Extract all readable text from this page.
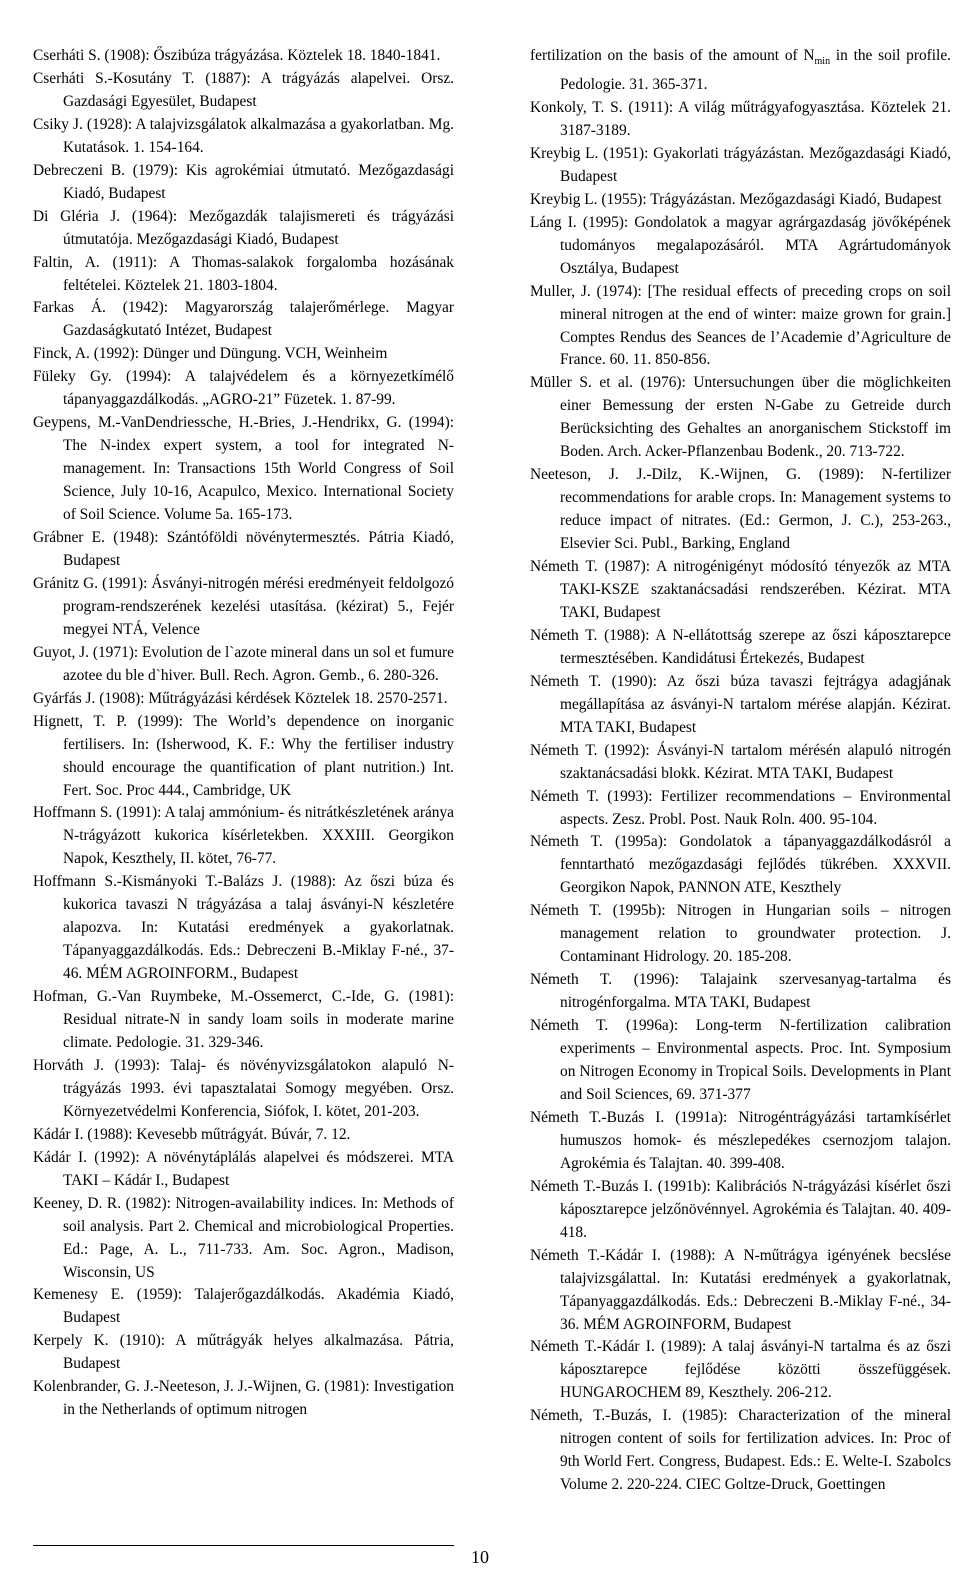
Cserháti S. (1908): Őszibúza trágyázása. Köztelek 18. 1840-1841.

Cserháti S.-Kosutány T. (1887): A trágyázás alapelvei. Orsz. Gazdasági Egyesület, Budapest

Csiky J. (1928): A talajvizsgálatok alkalmazása a gyakorlatban. Mg. Kutatások. 1. 154-164.

Debreczeni B. (1979): Kis agrokémiai útmutató. Mezőgazdasági Kiadó, Budapest

Di Gléria J. (1964): Mezőgazdák talajismereti és trágyázási útmutatója. Mezőgazdasági Kiadó, Budapest

Faltin, A. (1911): A Thomas-salakok forgalomba hozásának feltételei. Köztelek 21. 1803-1804.

Farkas Á. (1942): Magyarország talajerőmérlege. Magyar Gazdaságkutató Intézet, Budapest

Finck, A. (1992): Dünger und Düngung. VCH, Weinheim

Füleky Gy. (1994): A talajvédelem és a környezetkímélő tápanyaggazdálkodás. „AGRO-21” Füzetek. 1. 87-99.

Geypens, M.-VanDendriessche, H.-Bries, J.-Hendrikx, G. (1994): The N-index expert system, a tool for integrated N-management. In: Transactions 15th World Congress of Soil Science, July 10-16, Acapulco, Mexico. International Society of Soil Science. Volume 5a. 165-173.

Grábner E. (1948): Szántóföldi növénytermesztés. Pátria Kiadó, Budapest

Gránitz G. (1991): Ásványi-nitrogén mérési eredményeit feldolgozó program-rendszerének kezelési utasítása. (kézirat) 5., Fejér megyei NTÁ, Velence

Guyot, J. (1971): Evolution de l`azote mineral dans un sol et fumure azotee du ble d`hiver. Bull. Rech. Agron. Gemb., 6. 280-326.

Gyárfás J. (1908): Műtrágyázási kérdések Köztelek 18. 2570-2571.

Hignett, T. P. (1999): The World’s dependence on inorganic fertilisers. In: (Isherwood, K. F.: Why the fertiliser industry should encourage the quantification of plant nutrition.) Int. Fert. Soc. Proc 444., Cambridge, UK

Hoffmann S. (1991): A talaj ammónium- és nitrátkészletének aránya N-trágyázott kukorica kísérletekben. XXXIII. Georgikon Napok, Keszthely, II. kötet, 76-77.

Hoffmann S.-Kismányoki T.-Balázs J. (1988): Az őszi búza és kukorica tavaszi N trágyázása a talaj ásványi-N készletére alapozva. In: Kutatási eredmények a gyakorlatnak. Tápanyaggazdálkodás. Eds.: Debreczeni B.-Miklay F-né., 37-46. MÉM AGROINFORM., Budapest

Hofman, G.-Van Ruymbeke, M.-Ossemerct, C.-Ide, G. (1981): Residual nitrate-N in sandy loam soils in moderate marine climate. Pedologie. 31. 329-346.

Horváth J. (1993): Talaj- és növényvizsgálatokon alapuló N-trágyázás 1993. évi tapasztalatai Somogy megyében. Orsz. Környezetvédelmi Konferencia, Siófok, I. kötet, 201-203.

Kádár I. (1988): Kevesebb műtrágyát. Búvár, 7. 12.

Kádár I. (1992): A növénytáplálás alapelvei és módszerei. MTA TAKI – Kádár I., Budapest

Keeney, D. R. (1982): Nitrogen-availability indices. In: Methods of soil analysis. Part 2. Chemical and microbiological Properties. Ed.: Page, A. L., 711-733. Am. Soc. Agron., Madison, Wisconsin, US

Kemenesy E. (1959): Talajerőgazdálkodás. Akadémia Kiadó, Budapest

Kerpely K. (1910): A műtrágyák helyes alkalmazása. Pátria, Budapest

Kolenbrander, G. J.-Neeteson, J. J.-Wijnen, G. (1981): Investigation in the Netherlands of optimum nitrogen

fertilization on the basis of the amount of $N_{min}$ in the soil profile. Pedologie. 31. 365-371.

Konkoly, T. S. (1911): A világ műtrágyafogyasztása. Köztelek 21. 3187-3189.

Kreybig L. (1951): Gyakorlati trágyázástan. Mezőgazdasági Kiadó, Budapest

Kreybig L. (1955): Trágyázástan. Mezőgazdasági Kiadó, Budapest

Láng I. (1995): Gondolatok a magyar agrárgazdaság jövőképének tudományos megalapozásáról. MTA Agrártudományok Osztálya, Budapest

Muller, J. (1974): [The residual effects of preceding crops on soil mineral nitrogen at the end of winter: maize grown for grain.] Comptes Rendus des Seances de l’Academie d’Agriculture de France. 60. 11. 850-856.

Müller S. et al. (1976): Untersuchungen über die möglichkeiten einer Bemessung der ersten N-Gabe zu Getreide durch Berücksichting des Gehaltes an anorganischem Stickstoff im Boden. Arch. Acker-Pflanzenbau Bodenk., 20. 713-722.

Neeteson, J. J.-Dilz, K.-Wijnen, G. (1989): N-fertilizer recommendations for arable crops. In: Management systems to reduce impact of nitrates. (Ed.: Germon, J. C.), 253-263., Elsevier Sci. Publ., Barking, England

Németh T. (1987): A nitrogénigényt módosító tényezők az MTA TAKI-KSZE szaktanácsadási rendszerében. Kézirat. MTA TAKI, Budapest

Németh T. (1988): A N-ellátottság szerepe az őszi káposztarepce termesztésében. Kandidátusi Értekezés, Budapest

Németh T. (1990): Az őszi búza tavaszi fejtrágya adagjának megállapítása az ásványi-N tartalom mérése alapján. Kézirat. MTA TAKI, Budapest

Németh T. (1992): Ásványi-N tartalom mérésén alapuló nitrogén szaktanácsadási blokk. Kézirat. MTA TAKI, Budapest

Németh T. (1993): Fertilizer recommendations – Environmental aspects. Zesz. Probl. Post. Nauk Roln. 400. 95-104.

Németh T. (1995a): Gondolatok a tápanyaggazdálkodásról a fenntartható mezőgazdasági fejlődés tükrében. XXXVII. Georgikon Napok, PANNON ATE, Keszthely

Németh T. (1995b): Nitrogen in Hungarian soils – nitrogen management relation to groundwater protection. J. Contaminant Hidrology. 20. 185-208.

Németh T. (1996): Talajaink szervesanyag-tartalma és nitrogénforgalma. MTA TAKI, Budapest

Németh T. (1996a): Long-term N-fertilization calibration experiments – Environmental aspects. Proc. Int. Symposium on Nitrogen Economy in Tropical Soils. Developments in Plant and Soil Sciences, 69. 371-377

Németh T.-Buzás I. (1991a): Nitrogéntrágyázási tartamkísérlet humuszos homok- és mészlepedékes csernozjom talajon. Agrokémia és Talajtan. 40. 399-408.

Németh T.-Buzás I. (1991b): Kalibrációs N-trágyázási kísérlet őszi káposztarepce jelzőnövénnyel. Agrokémia és Talajtan. 40. 409-418.

Németh T.-Kádár I. (1988): A N-műtrágya igényének becslése talajvizsgálattal. In: Kutatási eredmények a gyakorlatnak, Tápanyaggazdálkodás. Eds.: Debreczeni B.-Miklay F-né., 34-36. MÉM AGROINFORM, Budapest

Németh T.-Kádár I. (1989): A talaj ásványi-N tartalma és az őszi káposztarepce fejlődése közötti összefüggések. HUNGAROCHEM 89, Keszthely. 206-212.

Németh, T.-Buzás, I. (1985): Characterization of the mineral nitrogen content of soils for fertilization advices. In: Proc of 9th World Fert. Congress, Budapest. Eds.: E. Welte-I. Szabolcs Volume 2. 220-224. CIEC Goltze-Druck, Goettingen

10
